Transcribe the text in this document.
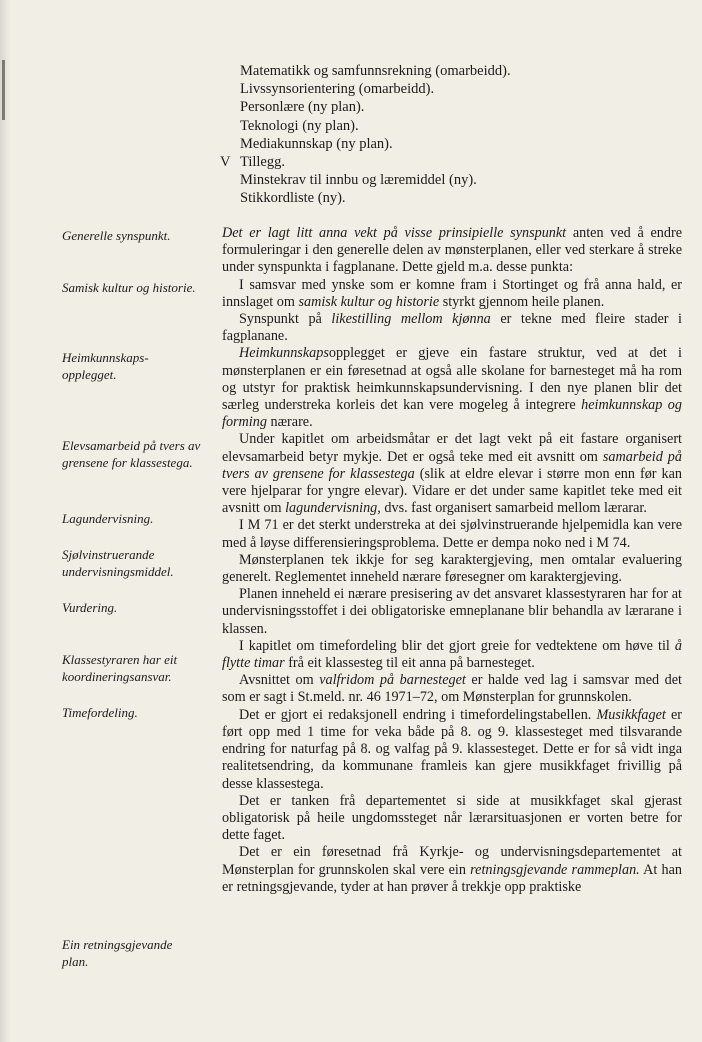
Matematikk og samfunnsrekning (omarbeidd).
Livssynsorientering (omarbeidd).
Personlære (ny plan).
Teknologi (ny plan).
Mediakunnskap (ny plan).
V Tillegg.
Minstekrav til innbu og læremiddel (ny).
Stikkordliste (ny).
Generelle synspunkt.
Samisk kultur og historie.
Heimkunnskaps-opplegget.
Elevsamarbeid på tvers av grensene for klassestega.
Lagundervisning.
Sjølvinstruerande undervisningsmiddel.
Vurdering.
Klassestyraren har eit koordineringsansvar.
Timefordeling.
Ein retningsgjevande plan.

Det er lagt litt anna vekt på visse prinsipielle synspunkt anten ved å endre formuleringar i den generelle delen av mønsterplanen, eller ved sterkare å streke under synspunkta i fagplanane. Dette gjeld m.a. desse punkta:

I samsvar med ynske som er komne fram i Stortinget og frå anna hald, er innslaget om samisk kultur og historie styrkt gjennom heile planen.

Synspunkt på likestilling mellom kjønna er tekne med fleire stader i fagplanane.

Heimkunnskapsopplegget er gjeve ein fastare struktur, ved at det i mønsterplanen er ein føresetnad at også alle skolane for barnesteget må ha rom og utstyr for praktisk heimkunnskapsundervisning. I den nye planen blir det særleg understreka korleis det kan vere mogeleg å integrere heimkunnskap og forming nærare.

Under kapitlet om arbeidsmåtar er det lagt vekt på eit fastare organisert elevsamarbeid betyr mykje. Det er også teke med eit avsnitt om samarbeid på tvers av grensene for klassestega (slik at eldre elevar i større mon enn før kan vere hjelparar for yngre elevar). Vidare er det under same kapitlet teke med eit avsnitt om lagundervisning, dvs. fast organisert samarbeid mellom lærarar.

I M 71 er det sterkt understreka at dei sjølvinstruerande hjelpemidla kan vere med å løyse differensieringsproblema. Dette er dempa noko ned i M 74.

Mønsterplanen tek ikkje for seg karaktergjeving, men omtalar evaluering generelt. Reglementet inneheld nærare føresegner om karaktergjeving.

Planen inneheld ei nærare presisering av det ansvaret klassestyraren har for at undervisningsstoffet i dei obligatoriske emneplanane blir behandla av lærarane i klassen.

I kapitlet om timefordeling blir det gjort greie for vedtektene om høve til å flytte timar frå eit klassesteg til eit anna på barnesteget.

Avsnittet om valfridom på barnesteget er halde ved lag i samsvar med det som er sagt i St.meld. nr. 46 1971–72, om Mønsterplan for grunnskolen.

Det er gjort ei redaksjonell endring i timefordelingstabellen. Musikkfaget er ført opp med 1 time for veka både på 8. og 9. klassesteget med tilsvarande endring for naturfag på 8. og valfag på 9. klassesteget. Dette er for så vidt inga realitetsendring, da kommunane framleis kan gjere musikkfaget frivillig på desse klassestega.

Det er tanken frå departementet si side at musikkfaget skal gjerast obligatorisk på heile ungdomssteget når lærarsituasjonen er vorten betre for dette faget.

Det er ein føresetnad frå Kyrkje- og undervisningsdepartementet at Mønsterplan for grunnskolen skal vere ein retningsgjevande rammeplan. At han er retningsgjevande, tyder at han prøver å trekkje opp praktiske
